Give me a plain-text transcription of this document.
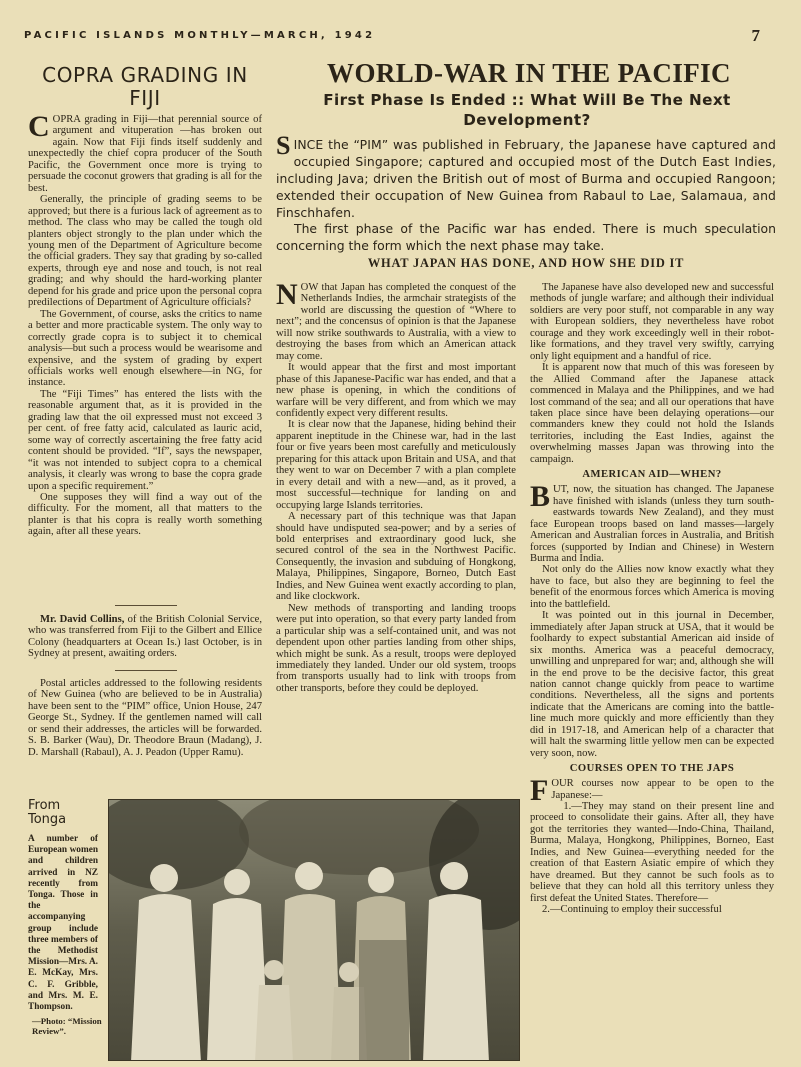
PACIFIC ISLANDS MONTHLY—MARCH, 1942	7
COPRA GRADING IN FIJI

COPRA grading in Fiji—that perennial source of argument and vituperation —has broken out again. Now that Fiji finds itself suddenly and unexpectedly the chief copra producer of the South Pacific, the Government once more is trying to persuade the coconut growers that grading is all for the best.

Generally, the principle of grading seems to be approved; but there is a furious lack of agreement as to method. The class who may be called the tough old planters object strongly to the plan under which the young men of the Department of Agriculture become the official graders. They say that grading by so-called experts, through eye and nose and touch, is not real grading; and why should the hard-working planter depend for his grade and price upon the personal copra predilections of Department of Agriculture officials?

The Government, of course, asks the critics to name a better and more practicable system. The only way to correctly grade copra is to subject it to chemical analysis—but such a process would be wearisome and expensive, and the system of grading by expert officials works well enough elsewhere—in NG, for instance.

The “Fiji Times” has entered the lists with the reasonable argument that, as it is provided in the grading law that the oil expressed must not exceed 3 per cent. of free fatty acid, calculated as lauric acid, some way of correctly ascertaining the free fatty acid content should be provided. “If”, says the newspaper, “it was not intended to subject copra to a chemical analysis, it clearly was wrong to base the copra grade upon a specific requirement.”

One supposes they will find a way out of the difficulty. For the moment, all that matters to the planter is that his copra is really worth something again, after all these years.

Mr. David Collins, of the British Colonial Service, who was transferred from Fiji to the Gilbert and Ellice Colony (headquarters at Ocean Is.) last October, is in Sydney at present, awaiting orders.

Postal articles addressed to the following residents of New Guinea (who are believed to be in Australia) have been sent to the “PIM” office, Union House, 247 George St., Sydney. If the gentlemen named will call or send their addresses, the articles will be forwarded. S. B. Barker (Wau), Dr. Theodore Braun (Madang), J. D. Marshall (Rabaul), A. J. Peadon (Upper Ramu).

From Tonga
A number of European women and children arrived in NZ recently from Tonga. Those in the accompanying group include three members of the Methodist Mission—Mrs. A. E. McKay, Mrs. C. F. Gribble, and Mrs. M. E. Thompson.
—Photo: “Mission Review”.
WORLD-WAR IN THE PACIFIC
First Phase Is Ended :: What Will Be The Next Development?
SINCE the “PIM” was published in February, the Japanese have captured and occupied Singapore; captured and occupied most of the Dutch East Indies, including Java; driven the British out of most of Burma and occupied Rangoon; extended their occupation of New Guinea from Rabaul to Lae, Salamaua, and Finschhafen.
The first phase of the Pacific war has ended. There is much speculation concerning the form which the next phase may take.
WHAT JAPAN HAS DONE, AND HOW SHE DID IT

NOW that Japan has completed the conquest of the Netherlands Indies, the armchair strategists of the world are discussing the question of “Where to next”; and the concensus of opinion is that the Japanese will now strike southwards to Australia, with a view to destroying the bases from which an American attack may come.

It would appear that the first and most important phase of this Japanese-Pacific war has ended, and that a new phase is opening, in which the conditions of warfare will be very different, and from which we may confidently expect very different results.

It is clear now that the Japanese, hiding behind their apparent ineptitude in the Chinese war, had in the last four or five years been most carefully and meticulously preparing for this attack upon Britain and USA, and that they went to war on December 7 with a plan complete in every detail and with a new—and, as it proved, a most successful—technique for landing on and occupying large Islands territories.

A necessary part of this technique was that Japan should have undisputed sea-power; and by a series of bold enterprises and extraordinary good luck, she secured control of the sea in the Northwest Pacific. Consequently, the invasion and subduing of Hongkong, Malaya, Philippines, Singapore, Borneo, Dutch East Indies, and New Guinea went exactly according to plan, and like clockwork.

New methods of transporting and landing troops were put into operation, so that every party landed from a particular ship was a self-contained unit, and was not dependent upon other parties landing from other ships, which might be sunk. As a result, troops were deployed immediately they landed. Under our old system, troops from transports usually had to link with troops from other transports, before they could be deployed.

The Japanese have also developed new and successful methods of jungle warfare; and although their individual soldiers are very poor stuff, not comparable in any way with European soldiers, they nevertheless have robot courage and they work exceedingly well in their robot-like formations, and they travel very swiftly, carrying only light equipment and a handful of rice.

It is apparent now that much of this was foreseen by the Allied Command after the Japanese attack commenced in Malaya and the Philippines, and we had lost command of the sea; and all our operations that have taken place since have been delaying operations—our commanders knew they could not hold the Islands territories, including the East Indies, against the overwhelming masses Japan was throwing into the campaign.

AMERICAN AID—WHEN?

BUT, now, the situation has changed. The Japanese have finished with islands (unless they turn south-eastwards towards New Zealand), and they must face European troops based on land masses—largely American and Australian forces in Australia, and British forces (supported by Indian and Chinese) in Western Burma and India.

Not only do the Allies now know exactly what they have to face, but also they are beginning to feel the benefit of the enormous forces which America is moving into the battlefield.

It was pointed out in this journal in December, immediately after Japan struck at USA, that it would be foolhardy to expect substantial American aid inside of six months. America was a peaceful democracy, unwilling and unprepared for war; and, although she will in the end prove to be the decisive factor, this great nation cannot change quickly from peace to wartime conditions. Nevertheless, all the signs and portents indicate that the Americans are coming into the battle-line much more quickly and more efficiently than they did in 1917-18, and American help of a character that will halt the swarming little yellow men can be expected very soon, now.

COURSES OPEN TO THE JAPS

FOUR courses now appear to be open to the Japanese:—

1.—They may stand on their present line and proceed to consolidate their gains. After all, they have got the territories they wanted—Indo-China, Thailand, Burma, Malaya, Hongkong, Philippines, Borneo, East Indies, and New Guinea—everything needed for the creation of that Eastern Asiatic empire of which they have dreamed. But they cannot be such fools as to believe that they can hold all this territory unless they first defeat the United States. Therefore—

2.—Continuing to employ their successful
